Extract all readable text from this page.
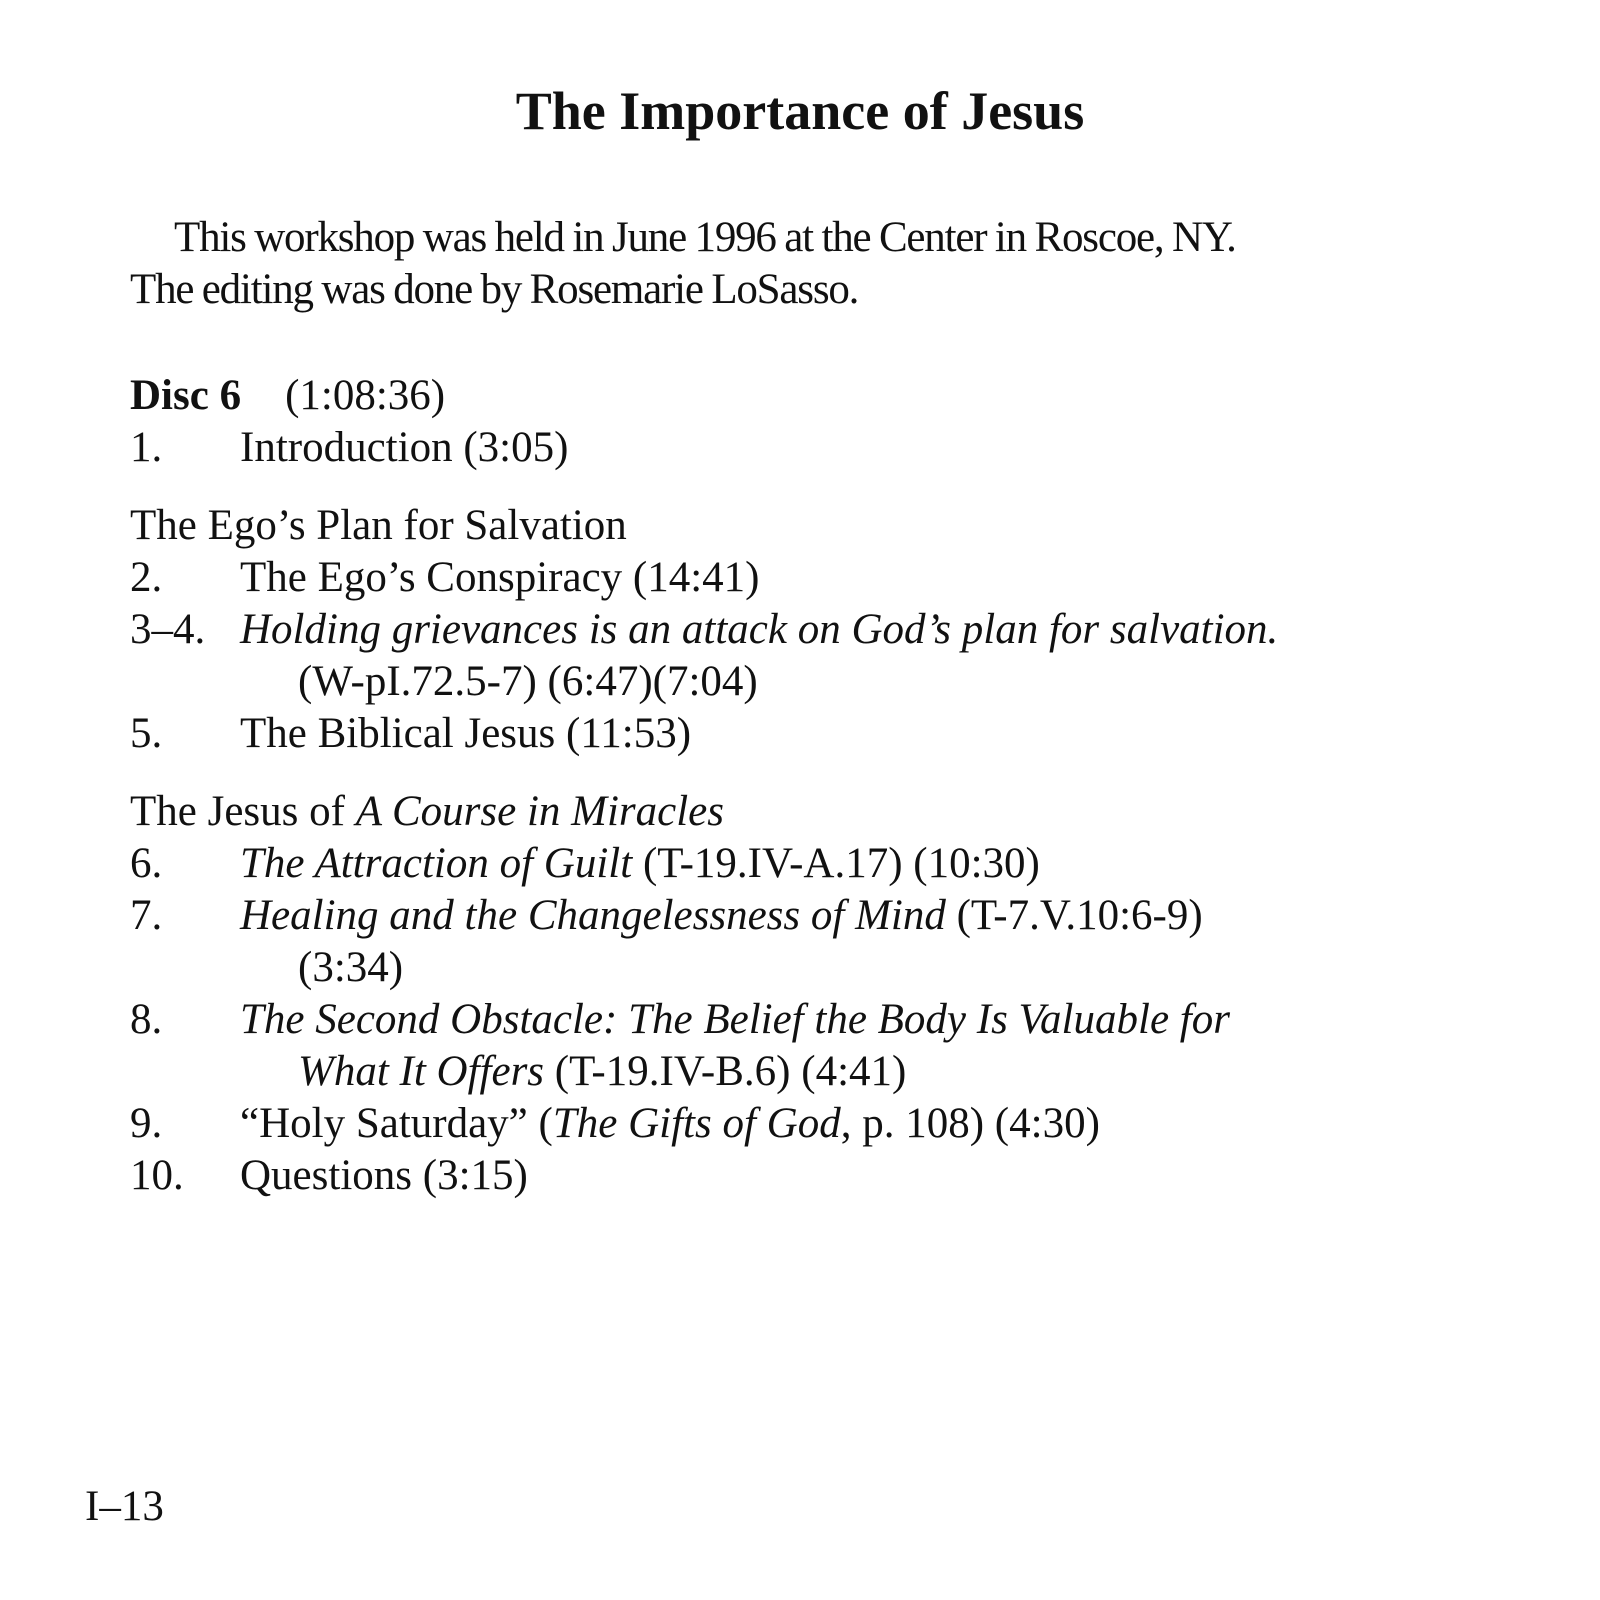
The Importance of Jesus
This workshop was held in June 1996 at the Center in Roscoe, NY.
The editing was done by Rosemarie LoSasso.
Disc 6 (1:08:36)
1. Introduction (3:05)
The Ego’s Plan for Salvation
2. The Ego’s Conspiracy (14:41)
3–4. Holding grievances is an attack on God’s plan for salvation.
(W-pI.72.5-7) (6:47)(7:04)
5. The Biblical Jesus (11:53)
The Jesus of A Course in Miracles
6. The Attraction of Guilt (T-19.IV-A.17) (10:30)
7. Healing and the Changelessness of Mind (T-7.V.10:6-9)
(3:34)
8. The Second Obstacle: The Belief the Body Is Valuable for
What It Offers (T-19.IV-B.6) (4:41)
9. “Holy Saturday” (The Gifts of God, p. 108) (4:30)
10. Questions (3:15)
I–13
